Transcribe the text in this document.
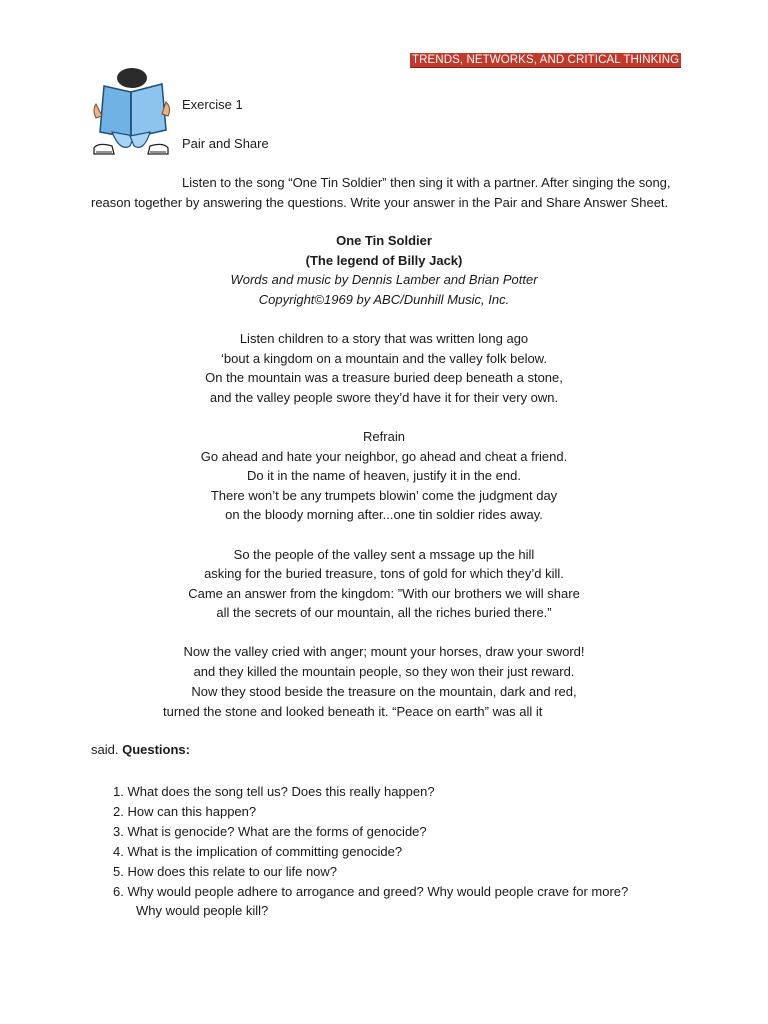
TRENDS, NETWORKS, AND CRITICAL THINKING
Exercise 1
Pair and Share
Listen to the song “One Tin Soldier” then sing it with a partner. After singing the song, reason together by answering the questions. Write your answer in the Pair and Share Answer Sheet.
One Tin Soldier
(The legend of Billy Jack)
Words and music by Dennis Lamber and Brian Potter
Copyright©1969 by ABC/Dunhill Music, Inc.
Listen children to a story that was written long ago
‘bout a kingdom on a mountain and the valley folk below.
On the mountain was a treasure buried deep beneath a stone,
and the valley people swore they’d have it for their very own.
Refrain
Go ahead and hate your neighbor, go ahead and cheat a friend.
Do it in the name of heaven, justify it in the end.
There won’t be any trumpets blowin’ come the judgment day
on the bloody morning after...one tin soldier rides away.
So the people of the valley sent a mssage up the hill
asking for the buried treasure, tons of gold for which they’d kill.
Came an answer from the kingdom: ”With our brothers we will share
all the secrets of our mountain, all the riches buried there.”
Now the valley cried with anger; mount your horses, draw your sword!
and they killed the mountain people, so they won their just reward.
Now they stood beside the treasure on the mountain, dark and red,
turned the stone and looked beneath it. “Peace on earth” was all it
said. Questions:
1. What does the song tell us? Does this really happen?
2. How can this happen?
3. What is genocide? What are the forms of genocide?
4. What is the implication of committing genocide?
5. How does this relate to our life now?
6. Why would people adhere to arrogance and greed? Why would people crave for more?
Why would people kill?
